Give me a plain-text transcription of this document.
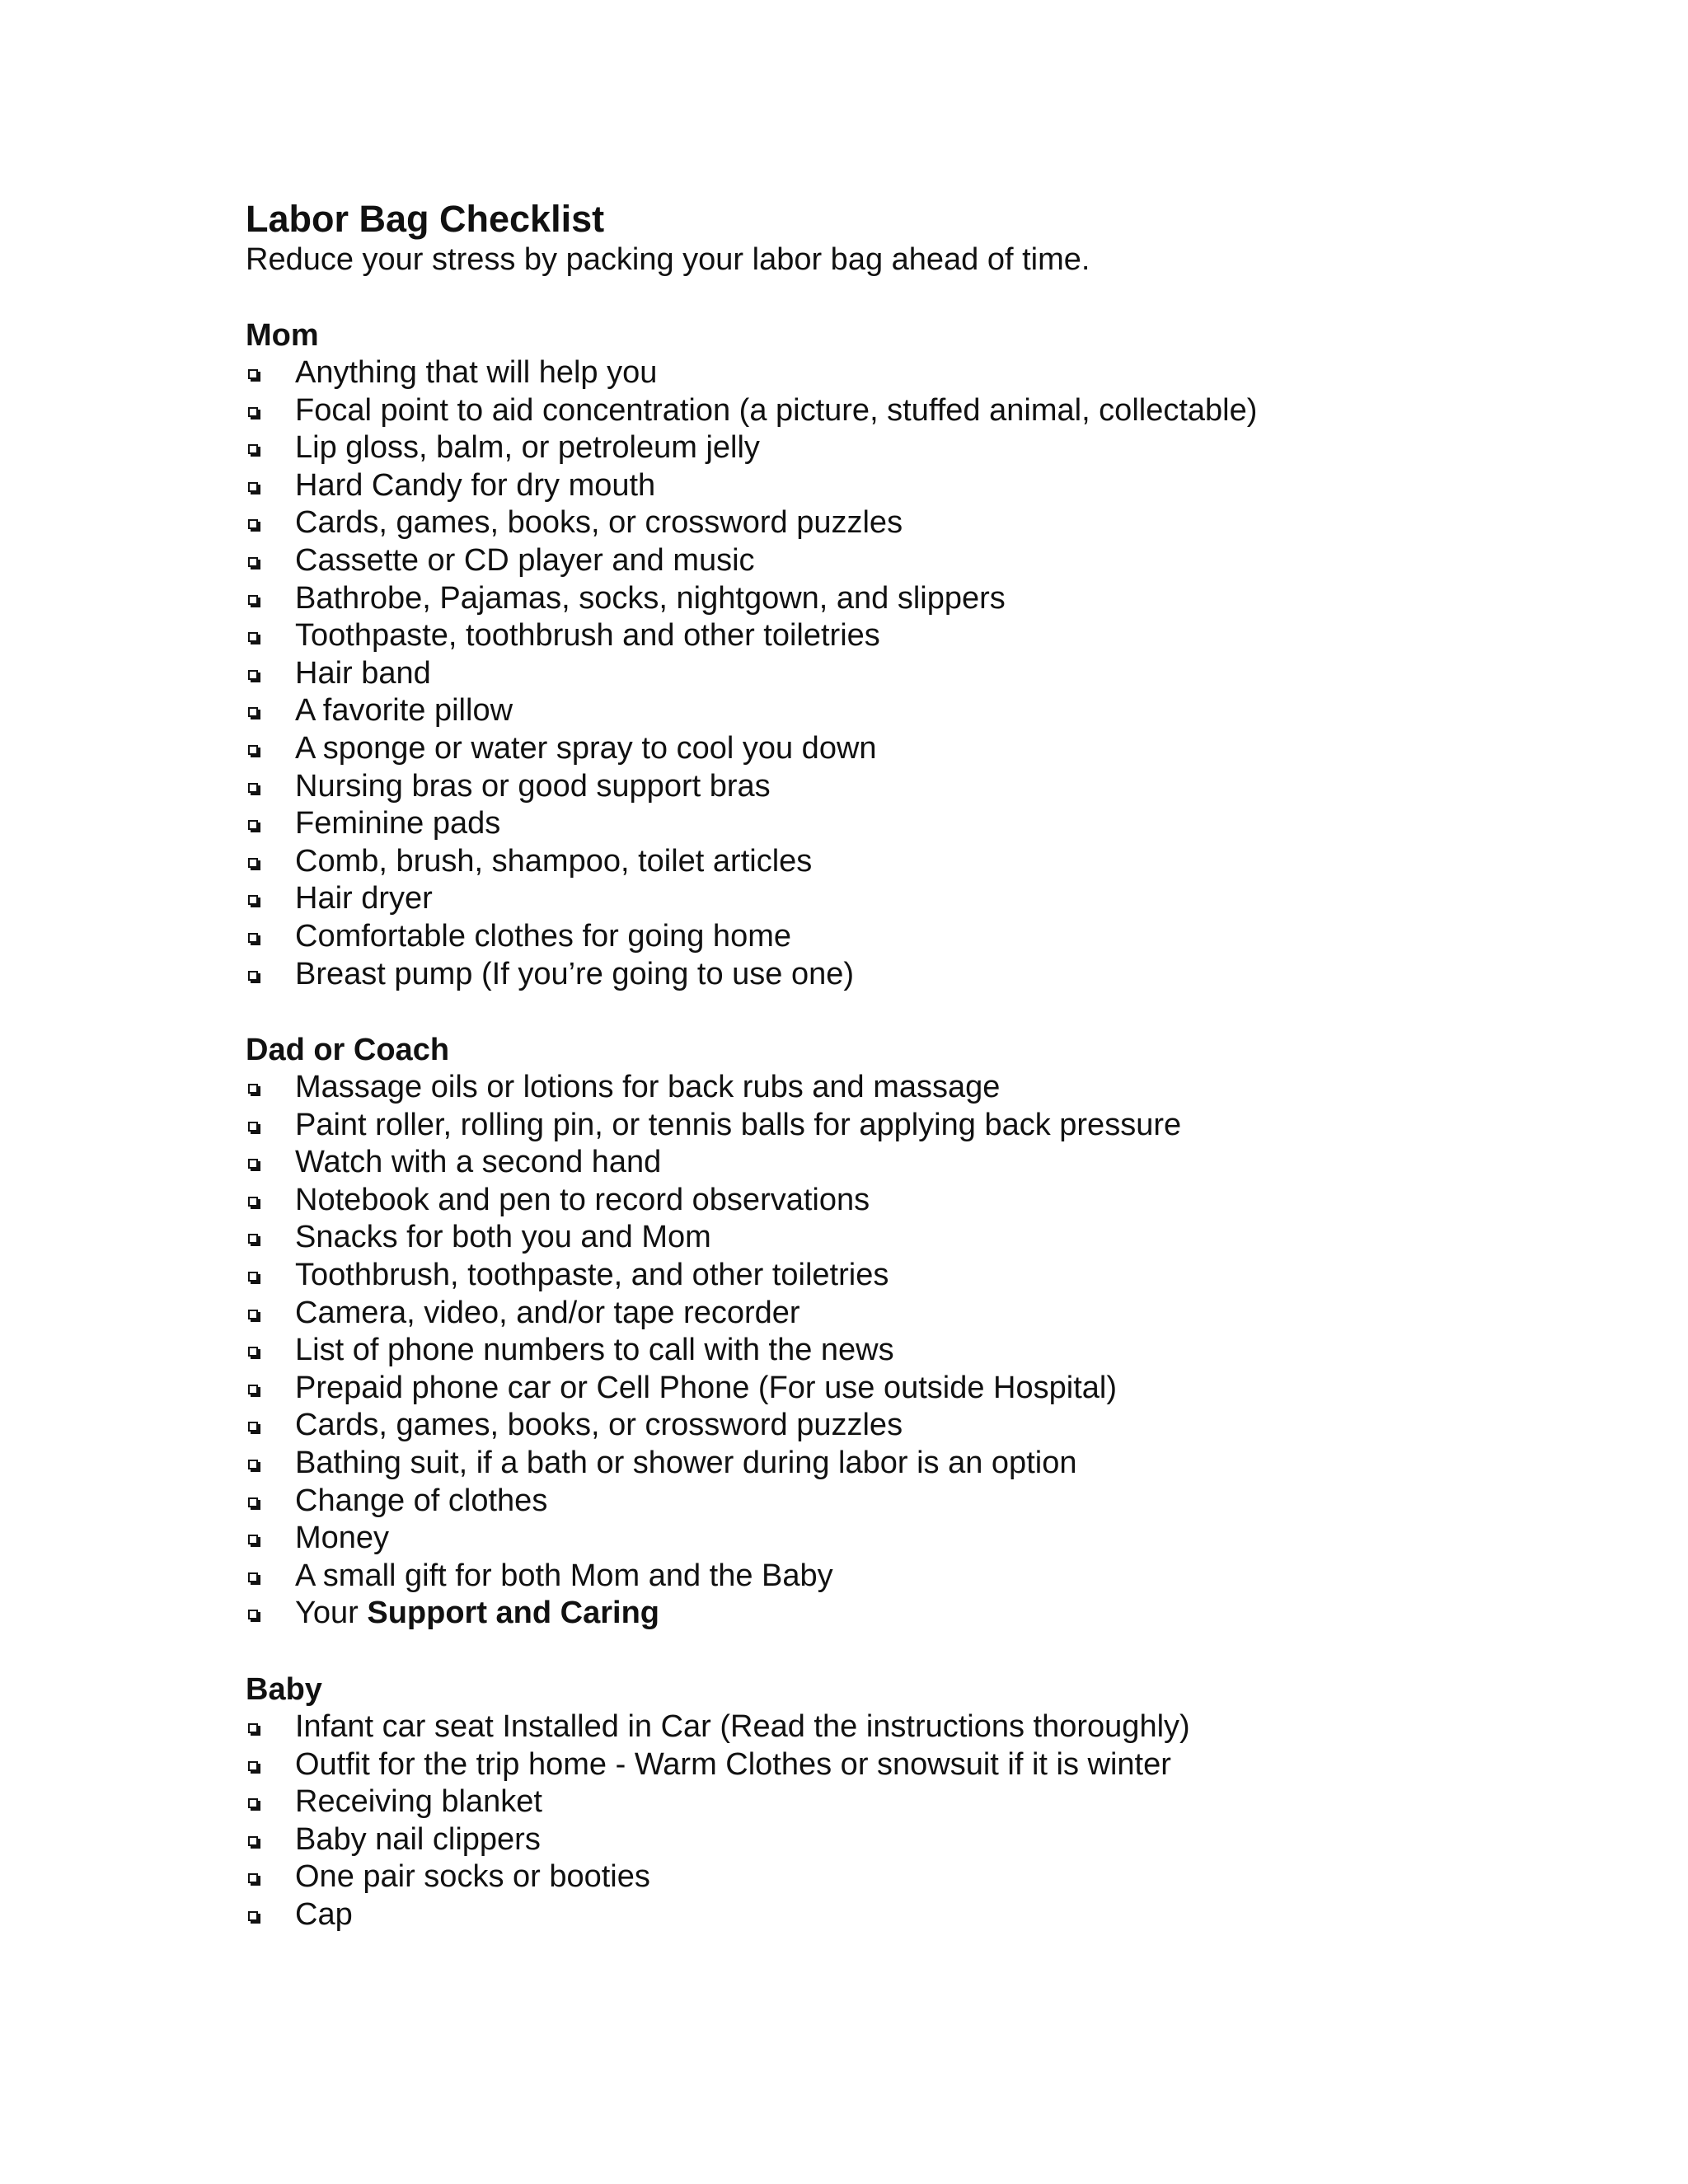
Labor Bag Checklist

Reduce your stress by packing your labor bag ahead of time.

Mom
Anything that will help you
Focal point to aid concentration (a picture, stuffed animal, collectable)
Lip gloss, balm, or petroleum jelly
Hard Candy for dry mouth
Cards, games, books, or crossword puzzles
Cassette or CD player and music
Bathrobe, Pajamas, socks, nightgown, and slippers
Toothpaste, toothbrush and other toiletries
Hair band
A favorite pillow
A sponge or water spray to cool you down
Nursing bras or good support bras
Feminine pads
Comb, brush, shampoo, toilet articles
Hair dryer
Comfortable clothes for going home
Breast pump (If you’re going to use one)
Dad or Coach
Massage oils or lotions for back rubs and massage
Paint roller, rolling pin, or tennis balls for applying back pressure
Watch with a second hand
Notebook and pen to record observations
Snacks for both you and Mom
Toothbrush, toothpaste, and other toiletries
Camera, video, and/or tape recorder
List of phone numbers to call with the news
Prepaid phone car or Cell Phone (For use outside Hospital)
Cards, games, books, or crossword puzzles
Bathing suit, if a bath or shower during labor is an option
Change of clothes
Money
A small gift for both Mom and the Baby
Your Support and Caring
Baby
Infant car seat Installed in Car (Read the instructions thoroughly)
Outfit for the trip home - Warm Clothes or snowsuit if it is winter
Receiving blanket
Baby nail clippers
One pair socks or booties
Cap
